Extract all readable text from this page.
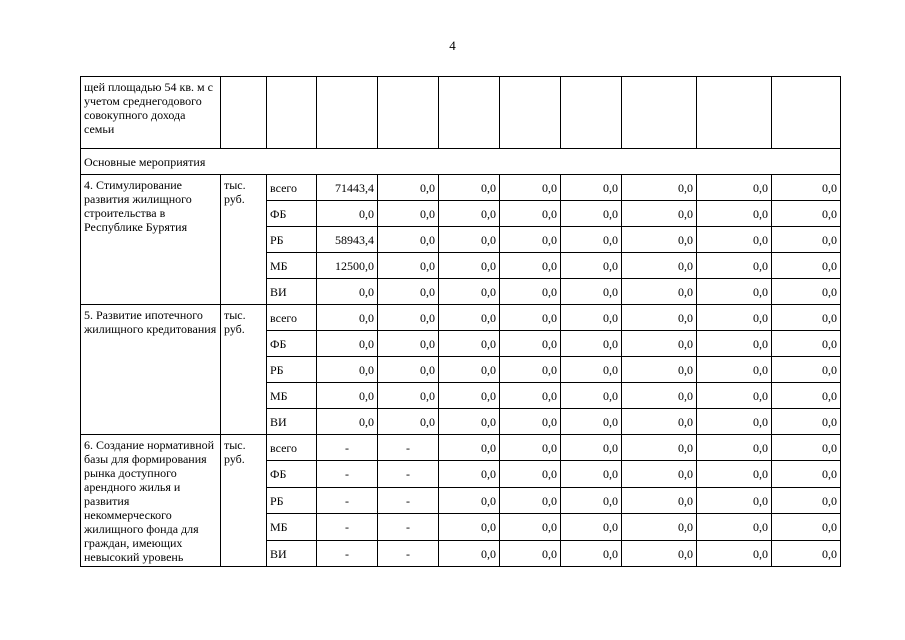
4
щей площадью 54 кв. м с учетом среднегодового совокупного дохода семьи										
Основные мероприятия										
4. Стимулирование развития жилищного строительства в Республике Бурятия	тыс. руб.	всего	71443,4	0,0	0,0	0,0	0,0	0,0	0,0	0,0
		ФБ	0,0	0,0	0,0	0,0	0,0	0,0	0,0	0,0
		РБ	58943,4	0,0	0,0	0,0	0,0	0,0	0,0	0,0
		МБ	12500,0	0,0	0,0	0,0	0,0	0,0	0,0	0,0
		ВИ	0,0	0,0	0,0	0,0	0,0	0,0	0,0	0,0
5. Развитие ипотечного жилищного кредитования	тыс. руб.	всего	0,0	0,0	0,0	0,0	0,0	0,0	0,0	0,0
		ФБ	0,0	0,0	0,0	0,0	0,0	0,0	0,0	0,0
		РБ	0,0	0,0	0,0	0,0	0,0	0,0	0,0	0,0
		МБ	0,0	0,0	0,0	0,0	0,0	0,0	0,0	0,0
		ВИ	0,0	0,0	0,0	0,0	0,0	0,0	0,0	0,0
6. Создание нормативной базы для формирования рынка доступного арендного жилья и развития некоммерческого жилищного фонда для граждан, имеющих невысокий уровень	тыс. руб.	всего	-	-	0,0	0,0	0,0	0,0	0,0	0,0
		ФБ	-	-	0,0	0,0	0,0	0,0	0,0	0,0
		РБ	-	-	0,0	0,0	0,0	0,0	0,0	0,0
		МБ	-	-	0,0	0,0	0,0	0,0	0,0	0,0
		ВИ	-	-	0,0	0,0	0,0	0,0	0,0	0,0
